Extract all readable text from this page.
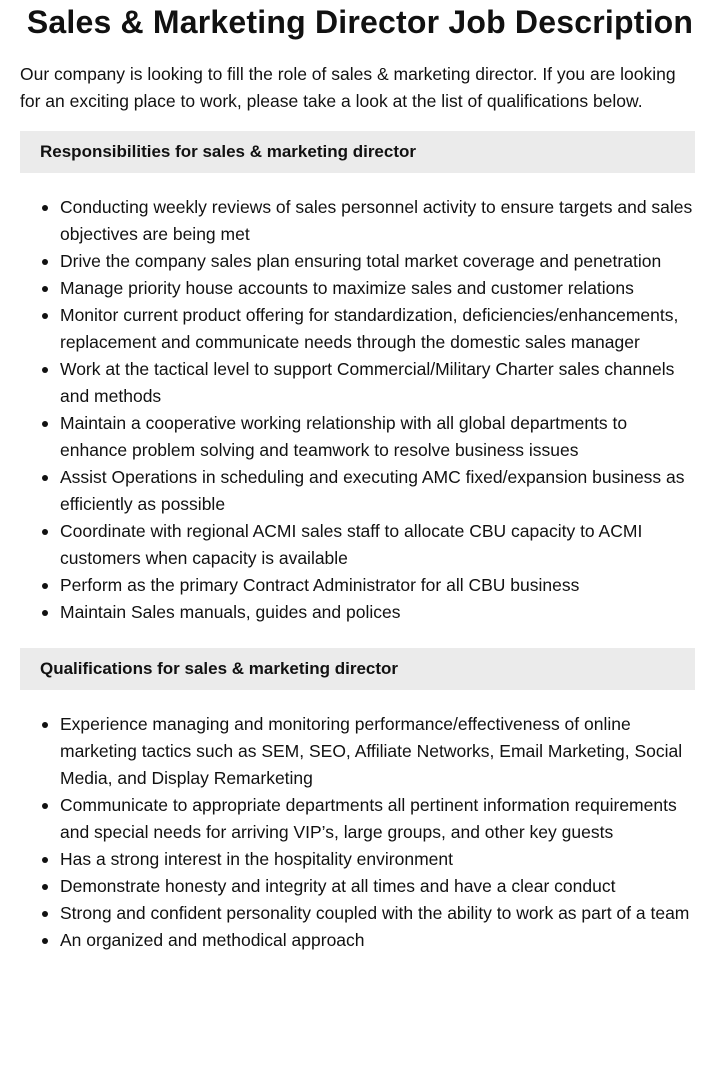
Sales & Marketing Director Job Description

Our company is looking to fill the role of sales & marketing director. If you are looking for an exciting place to work, please take a look at the list of qualifications below.

Responsibilities for sales & marketing director
Conducting weekly reviews of sales personnel activity to ensure targets and sales objectives are being met
Drive the company sales plan ensuring total market coverage and penetration
Manage priority house accounts to maximize sales and customer relations
Monitor current product offering for standardization, deficiencies/enhancements, replacement and communicate needs through the domestic sales manager
Work at the tactical level to support Commercial/Military Charter sales channels and methods
Maintain a cooperative working relationship with all global departments to enhance problem solving and teamwork to resolve business issues
Assist Operations in scheduling and executing AMC fixed/expansion business as efficiently as possible
Coordinate with regional ACMI sales staff to allocate CBU capacity to ACMI customers when capacity is available
Perform as the primary Contract Administrator for all CBU business
Maintain Sales manuals, guides and polices
Qualifications for sales & marketing director
Experience managing and monitoring performance/effectiveness of online marketing tactics such as SEM, SEO, Affiliate Networks, Email Marketing, Social Media, and Display Remarketing
Communicate to appropriate departments all pertinent information requirements and special needs for arriving VIP’s, large groups, and other key guests
Has a strong interest in the hospitality environment
Demonstrate honesty and integrity at all times and have a clear conduct
Strong and confident personality coupled with the ability to work as part of a team
An organized and methodical approach
